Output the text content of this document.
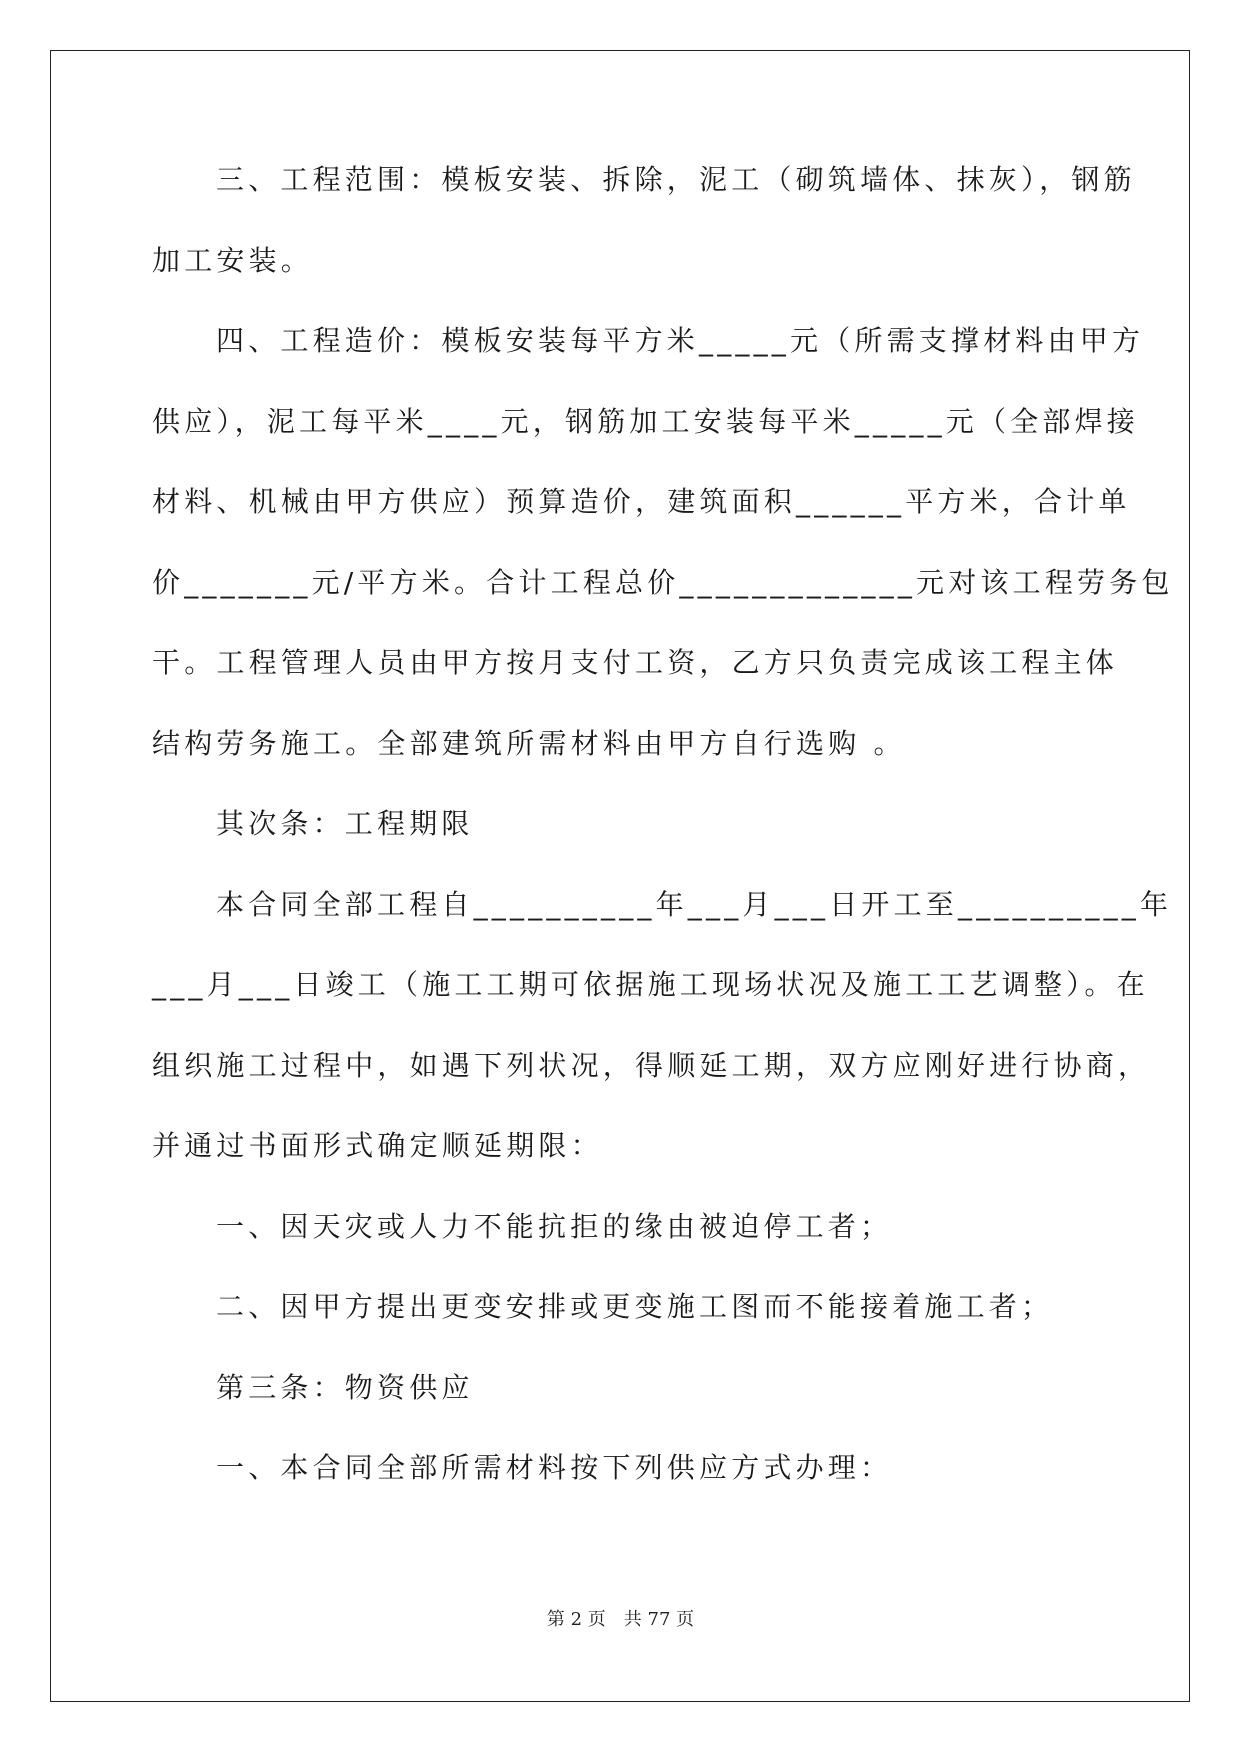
三、工程范围：模板安装、拆除，泥工（砌筑墙体、抹灰），钢筋
加工安装。
四、工程造价：模板安装每平方米_____元（所需支撑材料由甲方
供应），泥工每平米____元，钢筋加工安装每平米_____元（全部焊接
材料、机械由甲方供应）预算造价，建筑面积______平方米，合计单
价_______元/平方米。合计工程总价_____________元对该工程劳务包
干。工程管理人员由甲方按月支付工资，乙方只负责完成该工程主体
结构劳务施工。全部建筑所需材料由甲方自行选购 。
其次条：工程期限
本合同全部工程自__________年___月___日开工至__________年
___月___日竣工（施工工期可依据施工现场状况及施工工艺调整）。在
组织施工过程中，如遇下列状况，得顺延工期，双方应刚好进行协商，
并通过书面形式确定顺延期限：
一、因天灾或人力不能抗拒的缘由被迫停工者；
二、因甲方提出更变安排或更变施工图而不能接着施工者；
第三条：物资供应
一、本合同全部所需材料按下列供应方式办理：
第 2 页　共 77 页
